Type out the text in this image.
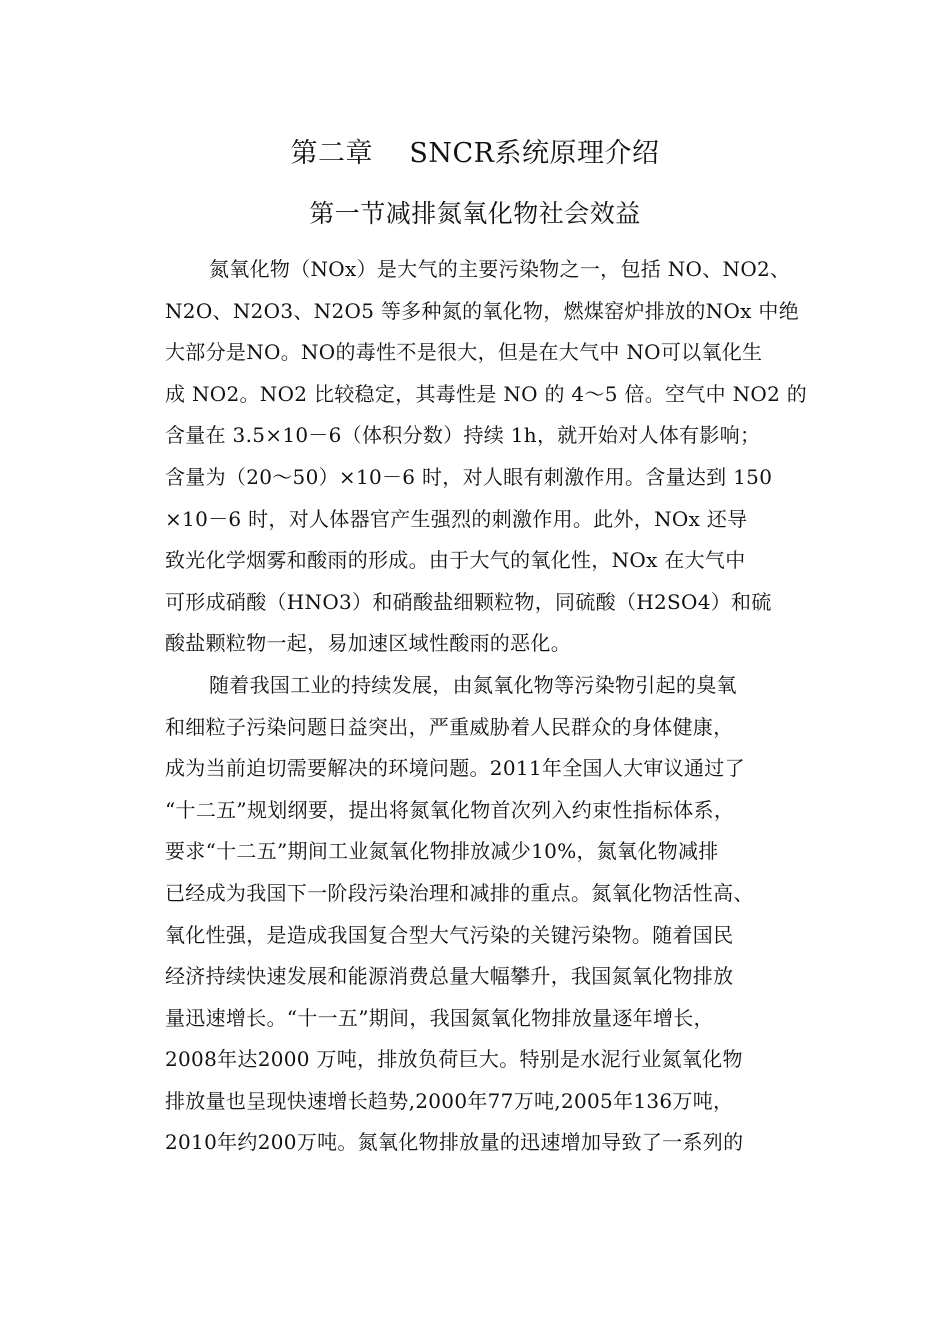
第二章    SNCR系统原理介绍
第一节减排氮氧化物社会效益
氮氧化物（NOx）是大气的主要污染物之一，包括 NO、NO2、
N2O、N2O3、N2O5 等多种氮的氧化物，燃煤窑炉排放的NOx 中绝
大部分是NO。NO的毒性不是很大，但是在大气中 NO可以氧化生
成 NO2。NO2 比较稳定，其毒性是 NO 的 4～5 倍。空气中 NO2 的
含量在 3.5×10－6（体积分数）持续 1h，就开始对人体有影响；
含量为（20～50）×10－6 时，对人眼有刺激作用。含量达到 150
×10－6 时，对人体器官产生强烈的刺激作用。此外，NOx 还导
致光化学烟雾和酸雨的形成。由于大气的氧化性，NOx 在大气中
可形成硝酸（HNO3）和硝酸盐细颗粒物，同硫酸（H2SO4）和硫
酸盐颗粒物一起，易加速区域性酸雨的恶化。
随着我国工业的持续发展，由氮氧化物等污染物引起的臭氧
和细粒子污染问题日益突出，严重威胁着人民群众的身体健康，
成为当前迫切需要解决的环境问题。2011年全国人大审议通过了
“十二五”规划纲要，提出将氮氧化物首次列入约束性指标体系，
要求“十二五”期间工业氮氧化物排放减少10%，氮氧化物减排
已经成为我国下一阶段污染治理和减排的重点。氮氧化物活性高、
氧化性强，是造成我国复合型大气污染的关键污染物。随着国民
经济持续快速发展和能源消费总量大幅攀升，我国氮氧化物排放
量迅速增长。“十一五”期间，我国氮氧化物排放量逐年增长，
2008年达2000 万吨，排放负荷巨大。特别是水泥行业氮氧化物
排放量也呈现快速增长趋势,2000年77万吨,2005年136万吨，
2010年约200万吨。氮氧化物排放量的迅速增加导致了一系列的
